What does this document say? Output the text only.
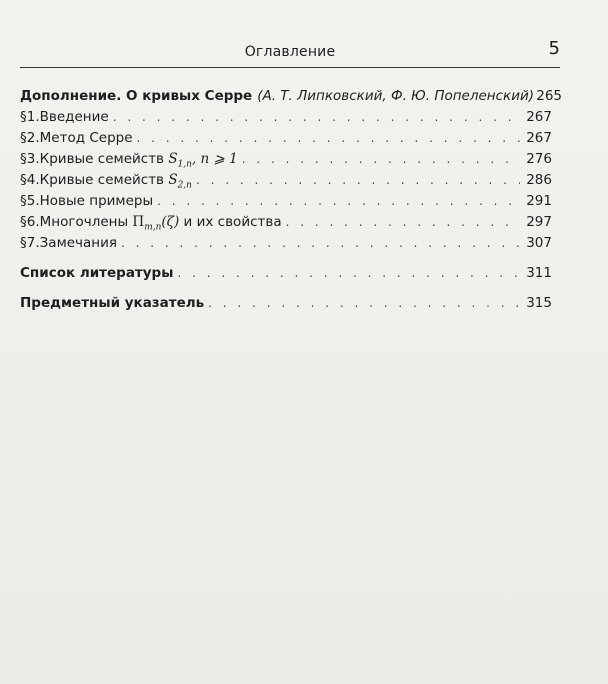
Оглавление	5
Дополнение. О кривых Серре (А. Т. Липковский, Ф. Ю. Попеленский) 265
§1. Введение . . .	267
§2. Метод Серре . . .	267
§3. Кривые семейств $S_{1,n}$, n ⩾ 1 . . .	276
§4. Кривые семейств $S_{2,n}$ . . .	286
§5. Новые примеры . . .	291
§6. Многочлены $\Pi_{m,n}(\zeta)$ и их свойства . . .	297
§7. Замечания . . .	307
Список литературы . . .	311
Предметный указатель . . .	315
